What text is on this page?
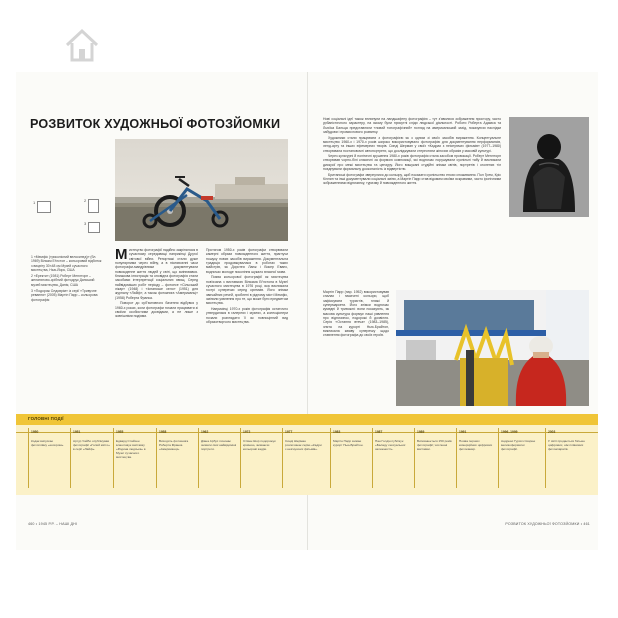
РОЗВИТОК ХУДОЖНЬОЇ ФОТОЗЙОМКИ
1	2
3

1 «Мемфіс (триколісний велосипед)» (бл. 1969) Вільям Еґлстон – кольоровий відбиток з вицвіту 30×48 см Музей сучасного мистецтва, Нью-Йорк, США

2 «Еректи» (1981) Роберт Меплторп – желатиново-срібний фотодрук Данський музей мистецтва, Данія, США

3 «Подорож Олдоврім» із серії «Тривучне ревання» (2005) Мартін Парр – кольорова фотографія

Мистецтво фотографії надійно закріпилося в сучасному середовищі наприкінці Другої світової війни. Репортажі стали дуже популярними через війну, а в післявоєнні часи фотографи-мандрівники документували повсякденне життя людей у світі, що змінювався. Книжкова ілюстрація та оповідна фотографія стали засобами інтерпретації соціальних явищ. Серед найвідоміших робіт періоду – фотоесе «Сільський лікар» (1948) і «Іспанське село» (1951) для журналу «Лайф», а також фотокнига «Американці» (1958) Роберта Франка.

Поворот до суб'єктивного бачення відбувся у 1960-х роках, коли фотографи почали працювати зі своїми особистими досвідами, а не лише з зовнішніми подіями.

Протягом 1950-х років фотографи створювали камерні образи повсякденного життя, прагнучи пошуку нових засобів вираження. Документальна традиція продовжувалася в роботах таких майстрів, як Доротея Ланж і Вокер Еванс, водночас молоде покоління шукало власної мови.

Поява кольорової фотографії як мистецтва пов'язана з виставкою Вільяма Еґлстона в Музеї сучасного мистецтва в 1976 році, яка викликала гострі суперечки серед критиків. Його знімки звичайних речей, зроблені в рідному місті Мемфіс, змінили уявлення про те, що може бути предметом мистецтва.

Наприкінці 1970-х років фотографія остаточно утвердилася в галереях і музеях, а колекціонери почали розглядати її як повноцінний вид образотворчого мистецтва.

Нові соціальні ідеї також вплинули на ландшафтну фотографію – тут з'явилися зображення простору, часто урбаністичного характеру, на якому були присутні сліди людської діяльності. Роботи Роберта Адамса та Льюїса Бальца представляли «новий топографічний» погляд на американський захід, показуючи наслідки забудови і промислового розвитку.

Художники стали працювати з фотографією як з одним зі своїх засобів вираження. Концептуальне мистецтво 1960-х і 1970-х років широко використовувало фотографію для документування перформансів, ленд-арту та інших ефемерних творів. Синді Шерман у своїх «Кадрах з неіснуючих фільмів» (1977–1980) створювала постановочні автопортрети, що досліджували стереотипи жіночих образів у масовій культурі.

Через культурні й політичні зрушення 1980-х років фотографія стала засобом провокації. Роберт Меплторп створював чорно-білі класичні за формою композиції, які водночас порушували суспільні табу й викликали дискусії про межі мистецтва та цензуру. Його вишукані студійні знімки квітів, портретів і оголених тіл поєднували формальну досконалість із відвертістю.

Британські фотографи звернулися до кольору, щоб показати суспільство епохи споживання. Пол Грем, Кріс Кіллип та інші документували соціальні зміни, а Мартін Парр став відомим своїми яскравими, часто іронічними зображеннями відпочинку, туризму й повсякденного життя.

Мартін Парр (нар. 1952) використовував спалах і насичені кольори, щоб зафіксувати туристів, пляжі й супермаркети. Його знімки водночас кумедні й тривожні: вони показують, як масова культура формує наші уявлення про відпочинок, подорожі й дозвілля. Серія «Остання втеча» (1983–1985), знята на курорті Нью-Брайтон, викликала жваву суперечку щодо ставлення фотографа до своїх героїв.

ГОЛОВНІ ПОДІЇ
1950
Кодак випускає фотоплівку «екохром».
1951
Артур Уайбо опублікував фотографії «Голий місто» в серії «Лайф».
1955
Едвард Стайхен влаштовує виставку «Родина людська» в Музеї сучасного мистецтва.
1958
Виходить фотокнига Роберта Франка «Американці».
1962
Діана Арбус починає знімати свої найвідоміші портрети.
1972
Стівен Шор подорожує країною, знімаючи кольорові кадри.
1977
Синді Шерман розпочинає серію «Кадри з неіснуючих фільмів».
1983
Мартін Парр знімає курорт Нью-Брайтон.
1987
Нан Голдін публікує «Баладу сексуальної залежності».
1989
Виповнюється 150 років фотографії; численні виставки.
1991
Поява перших комерційних цифрових фотокамер.
1996–1999
Андреас Гурскі створює великоформатні фотографії.
2003
У світі продається більше цифрових, ніж плівкових фотоапаратів.
460 • 1945 Р.Р. – НАШІ ДНІ	РОЗВИТОК ХУДОЖНЬОЇ ФОТОЗЙОМКИ • 461
